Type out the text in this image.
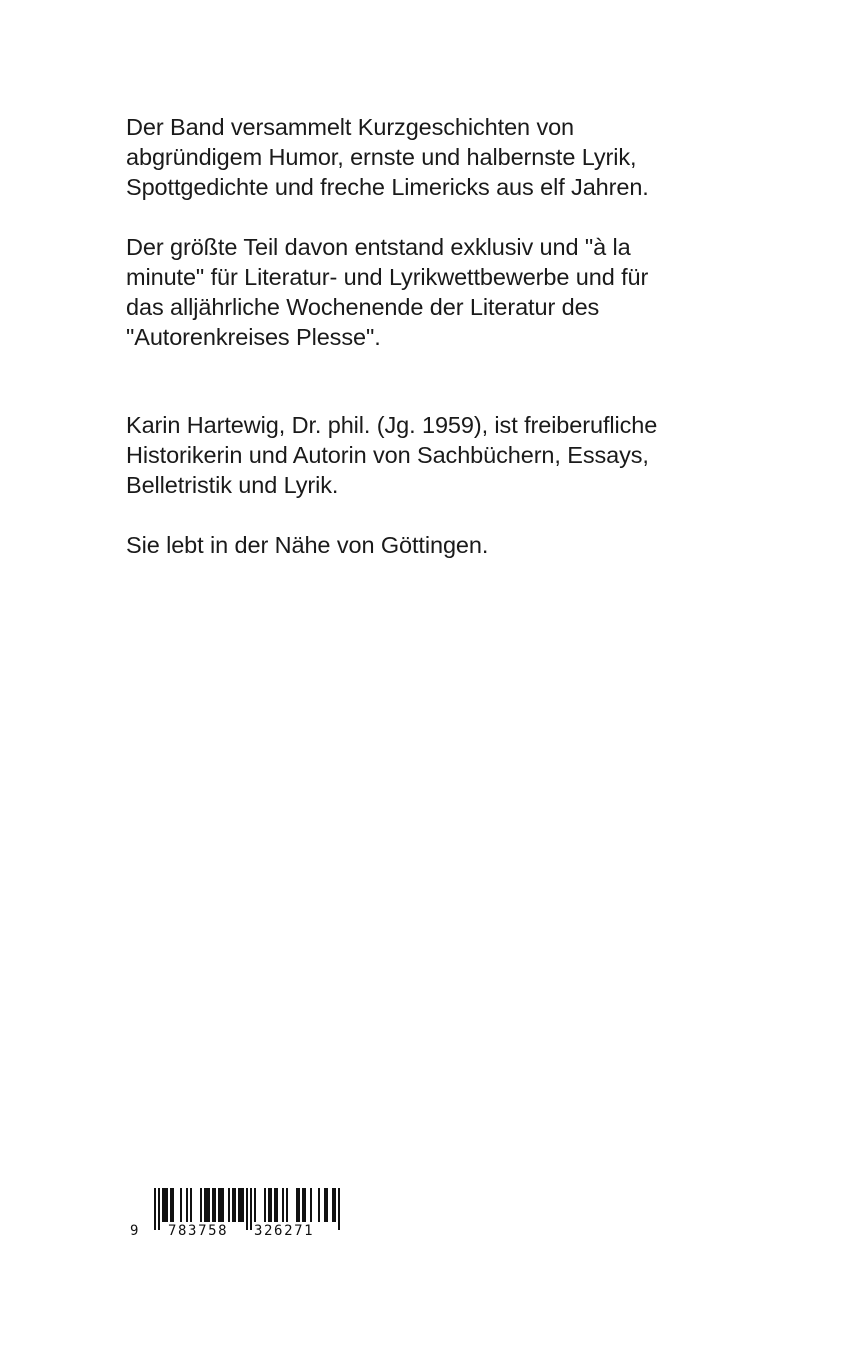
Der Band versammelt Kurzgeschichten von
abgründigem Humor, ernste und halbernste Lyrik,
Spottgedichte und freche Limericks aus elf Jahren.

Der größte Teil davon entstand exklusiv und "à la
minute" für Literatur- und Lyrikwettbewerbe und für
das alljährliche Wochenende der Literatur des
"Autorenkreises Plesse".

Karin Hartewig, Dr. phil. (Jg. 1959), ist freiberufliche
Historikerin und Autorin von Sachbüchern, Essays,
Belletristik und Lyrik.

Sie lebt in der Nähe von Göttingen.

9 783758 326271
